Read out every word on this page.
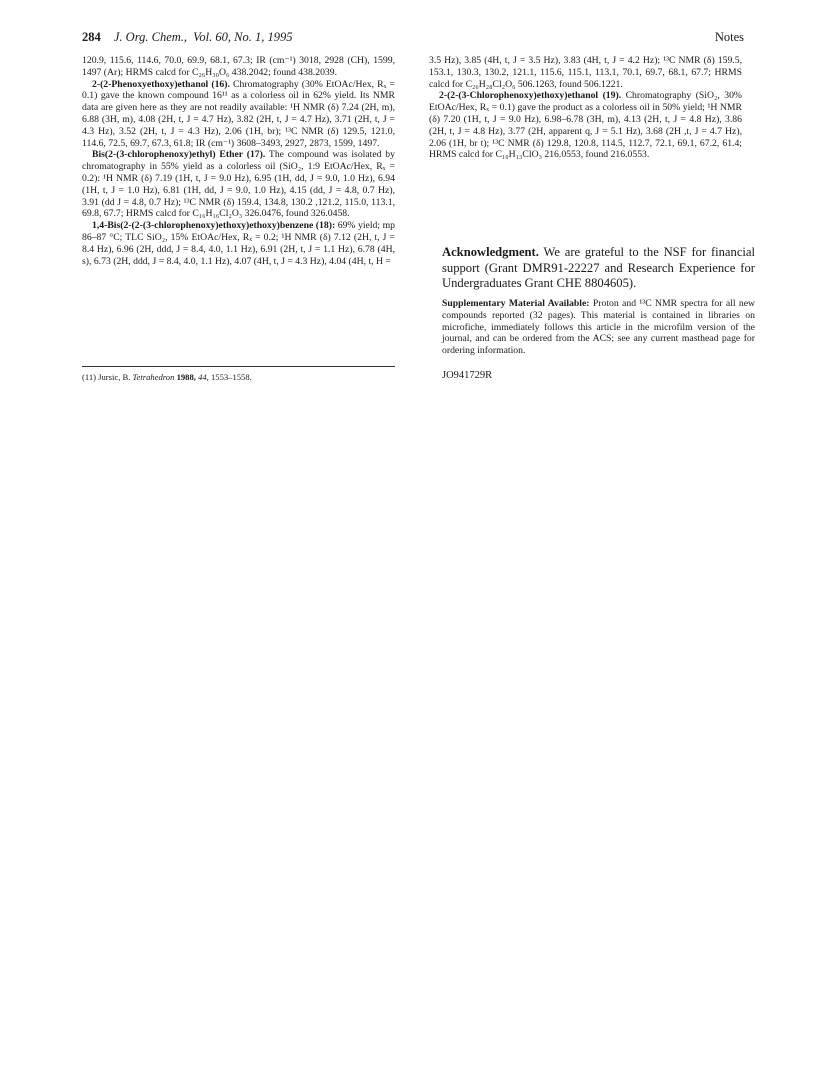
284 J. Org. Chem., Vol. 60, No. 1, 1995	Notes

120.9, 115.6, 114.6, 70.0, 69.9, 68.1, 67.3; IR (cm⁻¹) 3018, 2928 (CH), 1599, 1497 (Ar); HRMS calcd for C₂₆H₃₀O₆ 438.2042; found 438.2039.

2-(2-Phenoxyethoxy)ethanol (16). Chromatography (30% EtOAc/Hex, Rₓ = 0.1) gave the known compound 16¹¹ as a colorless oil in 62% yield. Its NMR data are given here as they are not readily available: ¹H NMR (δ) 7.24 (2H, m), 6.88 (3H, m), 4.08 (2H, t, J = 4.7 Hz), 3.82 (2H, t, J = 4.7 Hz), 3.71 (2H, t, J = 4.3 Hz), 3.52 (2H, t, J = 4.3 Hz), 2.06 (1H, br); ¹³C NMR (δ) 129.5, 121.0, 114.6, 72.5, 69.7, 67.3, 61.8; IR (cm⁻¹) 3608–3493, 2927, 2873, 1599, 1497.

Bis(2-(3-chlorophenoxy)ethyl) Ether (17). The compound was isolated by chromatography in 55% yield as a colorless oil (SiO₂, 1:9 EtOAc/Hex, Rₓ = 0.2): ¹H NMR (δ) 7.19 (1H, t, J = 9.0 Hz), 6.95 (1H, dd, J = 9.0, 1.0 Hz), 6.94 (1H, t, J = 1.0 Hz), 6.81 (1H, dd, J = 9.0, 1.0 Hz), 4.15 (dd, J = 4.8, 0.7 Hz), 3.91 (dd J = 4.8, 0.7 Hz); ¹³C NMR (δ) 159.4, 134.8, 130.2 ,121.2, 115.0, 113.1, 69.8, 67.7; HRMS calcd for C₁₆H₁₆Cl₂O₃ 326.0476, found 326.0458.

1,4-Bis(2-(2-(3-chlorophenoxy)ethoxy)ethoxy)benzene (18): 69% yield; mp 86–87 °C; TLC SiO₂, 15% EtOAc/Hex, Rₓ = 0.2; ¹H NMR (δ) 7.12 (2H, t, J = 8.4 Hz), 6.96 (2H, ddd, J = 8.4, 4.0, 1.1 Hz), 6.91 (2H, t, J = 1.1 Hz), 6.78 (4H, s), 6.73 (2H, ddd, J = 8.4, 4.0, 1.1 Hz), 4.07 (4H, t, J = 4.3 Hz), 4.04 (4H, t, H =

(11) Jursic, B. Tetrahedron 1988, 44, 1553–1558.

3.5 Hz), 3.85 (4H, t, J = 3.5 Hz), 3.83 (4H, t, J = 4.2 Hz); ¹³C NMR (δ) 159.5, 153.1, 130.3, 130.2, 121.1, 115.6, 115.1, 113.1, 70.1, 69.7, 68.1, 67.7; HRMS calcd for C₂₆H₂₈Cl₂O₆ 506.1263, found 506.1221.

2-(2-(3-Chlorophenoxy)ethoxy)ethanol (19). Chromatography (SiO₂, 30% EtOAc/Hex, Rₓ = 0.1) gave the product as a colorless oil in 50% yield; ¹H NMR (δ) 7.20 (1H, t, J = 9.0 Hz), 6.98–6.78 (3H, m), 4.13 (2H, t, J = 4.8 Hz), 3.86 (2H, t, J = 4.8 Hz), 3.77 (2H, apparent q, J = 5.1 Hz), 3.68 (2H ,t, J = 4.7 Hz), 2.06 (1H, br t); ¹³C NMR (δ) 129.8, 120.8, 114.5, 112.7, 72.1, 69.1, 67.2, 61.4; HRMS calcd for C₁₀H₁₃ClO₃ 216.0553, found 216.0553.

Acknowledgment. We are grateful to the NSF for financial support (Grant DMR91-22227 and Research Experience for Undergraduates Grant CHE 8804605).
Supplementary Material Available: Proton and ¹³C NMR spectra for all new compounds reported (32 pages). This material is contained in libraries on microfiche, immediately follows this article in the microfilm version of the journal, and can be ordered from the ACS; see any current masthead page for ordering information.
JO941729R
